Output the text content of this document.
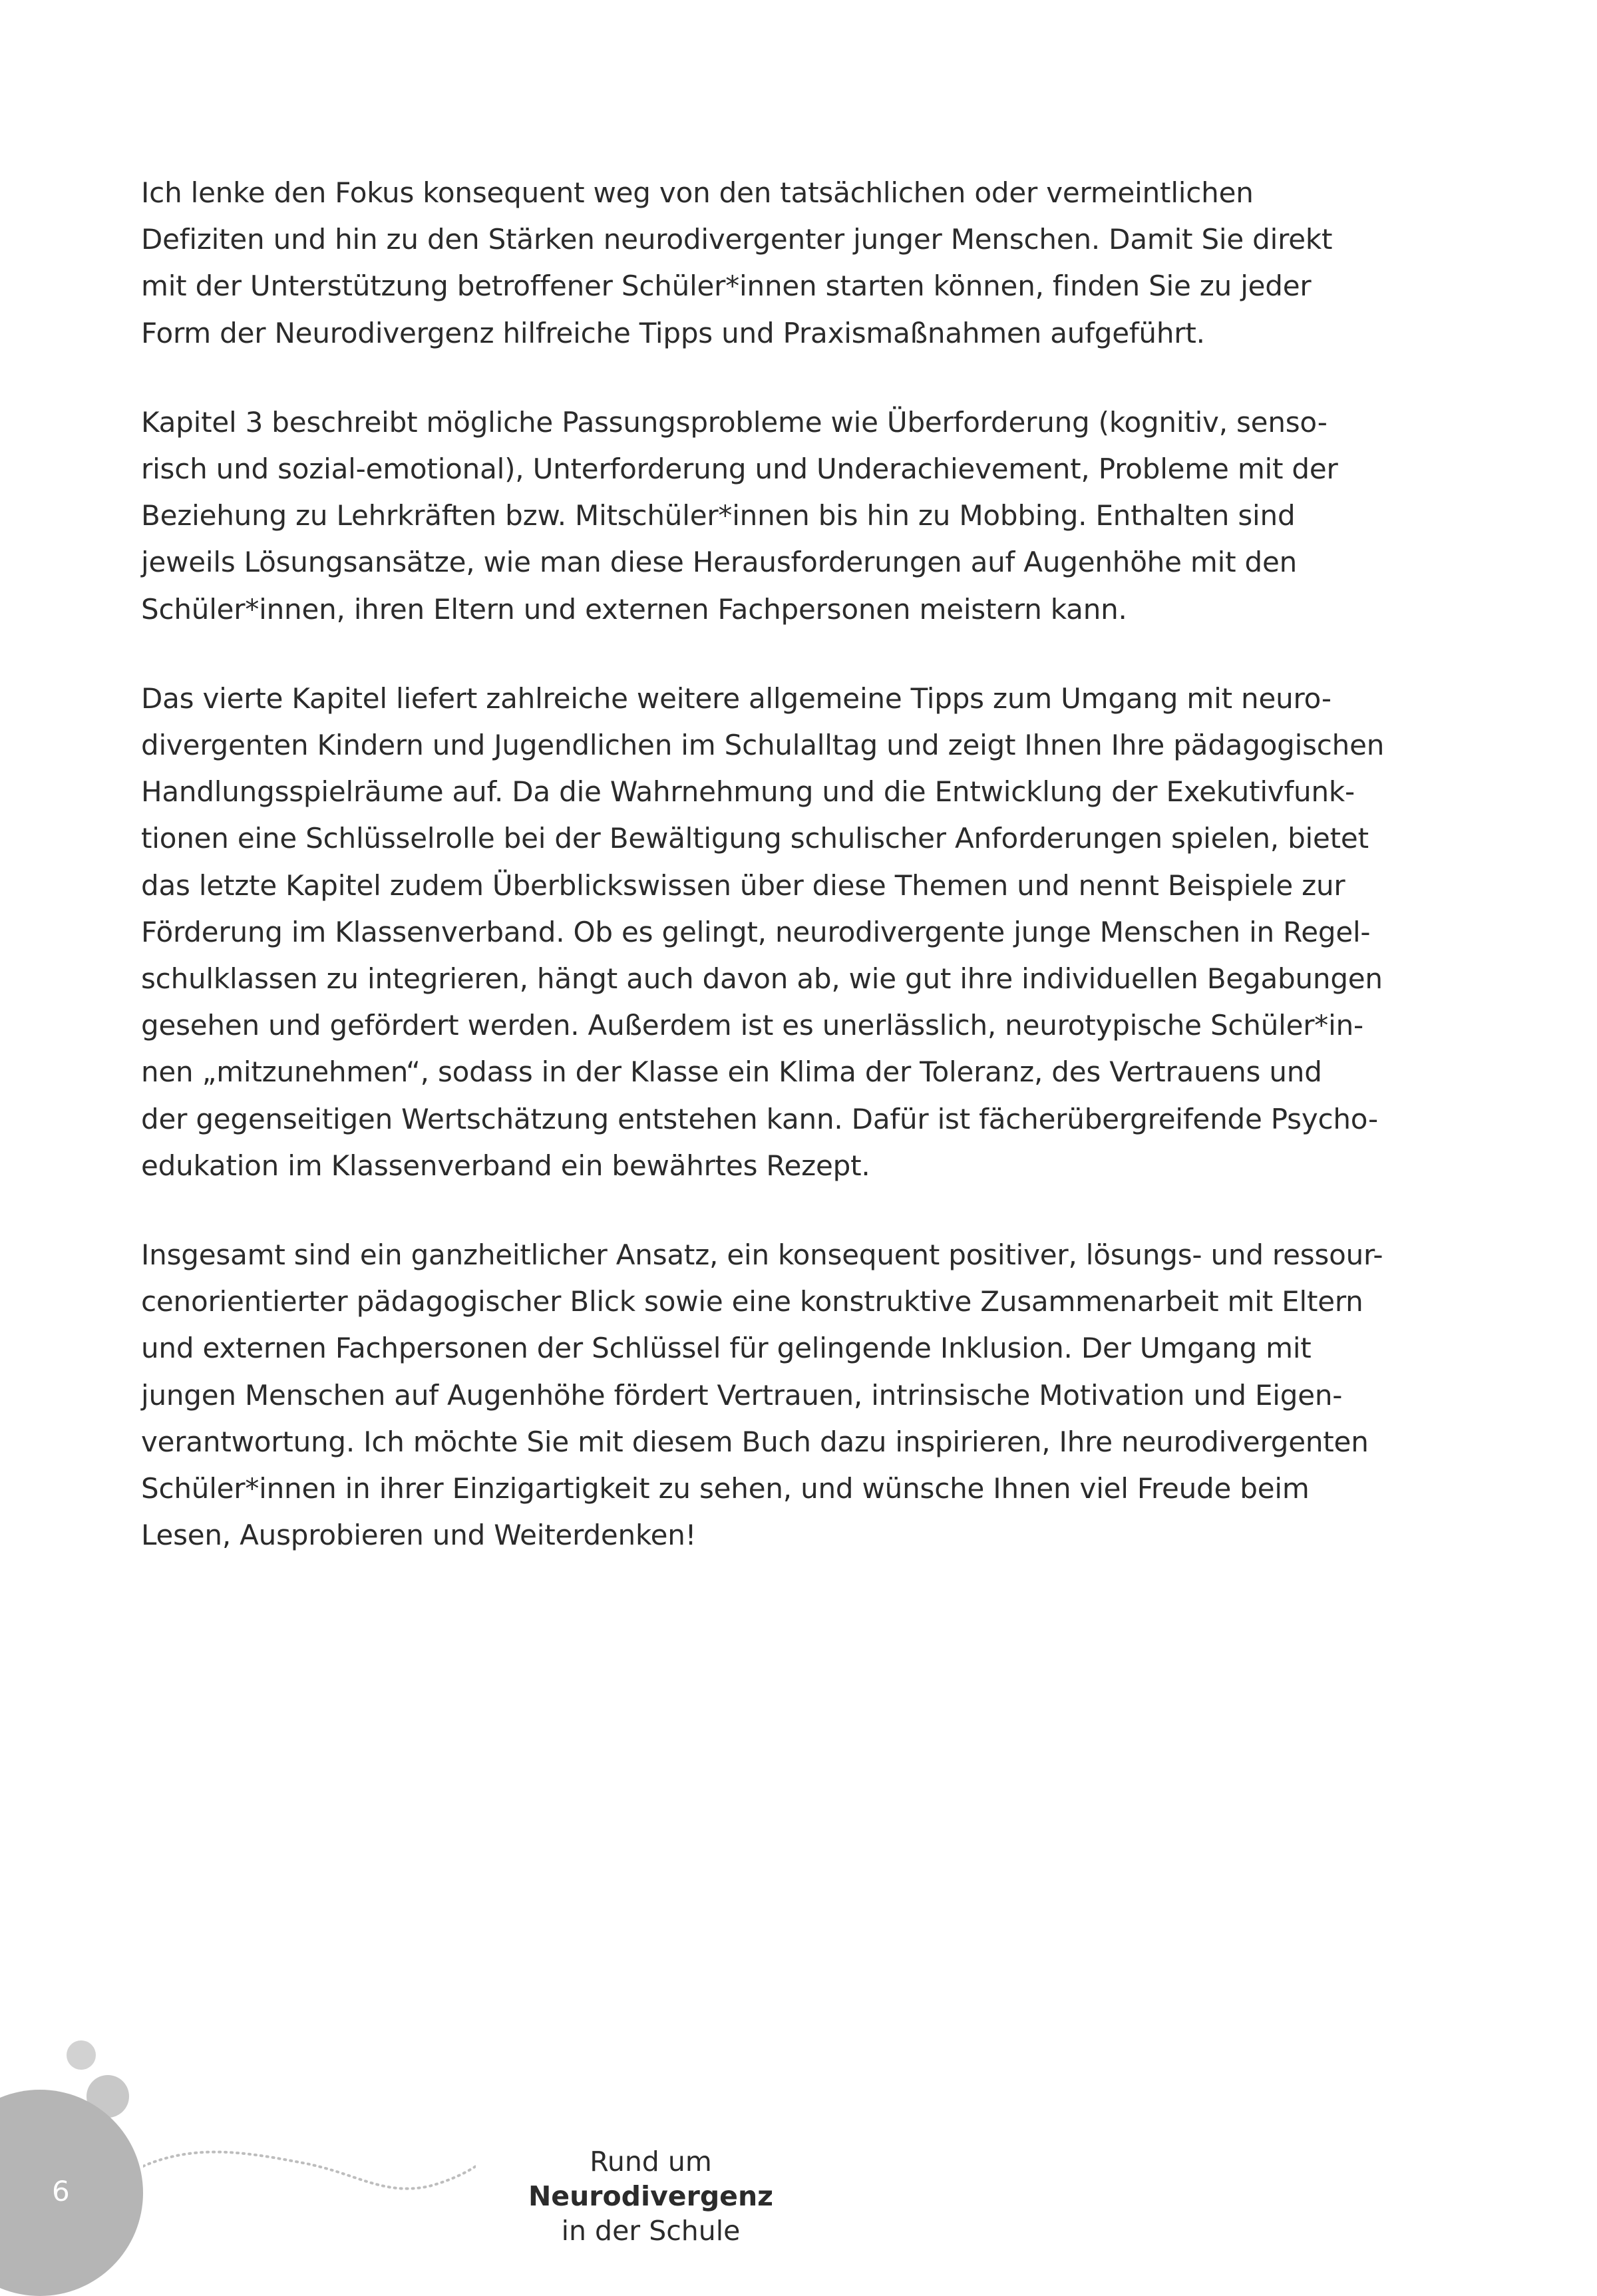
Ich lenke den Fokus konsequent weg von den tatsächlichen oder vermeintlichen
Defiziten und hin zu den Stärken neurodivergenter junger Menschen. Damit Sie direkt
mit der Unterstützung betroffener Schüler*innen starten können, finden Sie zu jeder
Form der Neurodivergenz hilfreiche Tipps und Praxismaßnahmen aufgeführt.

Kapitel 3 beschreibt mögliche Passungsprobleme wie Überforderung (kognitiv, senso-
risch und sozial-emotional), Unterforderung und Underachievement, Probleme mit der
Beziehung zu Lehrkräften bzw. Mitschüler*innen bis hin zu Mobbing. Enthalten sind
jeweils Lösungsansätze, wie man diese Herausforderungen auf Augenhöhe mit den
Schüler*innen, ihren Eltern und externen Fachpersonen meistern kann.

Das vierte Kapitel liefert zahlreiche weitere allgemeine Tipps zum Umgang mit neuro-
divergenten Kindern und Jugendlichen im Schulalltag und zeigt Ihnen Ihre pädagogischen
Handlungsspielräume auf. Da die Wahrnehmung und die Entwicklung der Exekutivfunk-
tionen eine Schlüsselrolle bei der Bewältigung schulischer Anforderungen spielen, bietet
das letzte Kapitel zudem Überblickswissen über diese Themen und nennt Beispiele zur
Förderung im Klassenverband. Ob es gelingt, neurodivergente junge Menschen in Regel-
schulklassen zu integrieren, hängt auch davon ab, wie gut ihre individuellen Begabungen
gesehen und gefördert werden. Außerdem ist es unerlässlich, neurotypische Schüler*in-
nen „mitzunehmen“, sodass in der Klasse ein Klima der Toleranz, des Vertrauens und
der gegenseitigen Wertschätzung entstehen kann. Dafür ist fächerübergreifende Psycho-
edukation im Klassenverband ein bewährtes Rezept.

Insgesamt sind ein ganzheitlicher Ansatz, ein konsequent positiver, lösungs- und ressour-
cenorientierter pädagogischer Blick sowie eine konstruktive Zusammenarbeit mit Eltern
und externen Fachpersonen der Schlüssel für gelingende Inklusion. Der Umgang mit
jungen Menschen auf Augenhöhe fördert Vertrauen, intrinsische Motivation und Eigen-
verantwortung. Ich möchte Sie mit diesem Buch dazu inspirieren, Ihre neurodivergenten
Schüler*innen in ihrer Einzigartigkeit zu sehen, und wünsche Ihnen viel Freude beim
Lesen, Ausprobieren und Weiterdenken!

6
Rund um Neurodivergenz
in der Schule
